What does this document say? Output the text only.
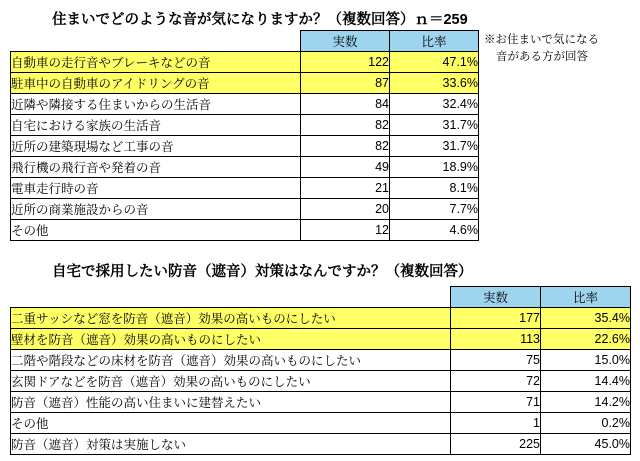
住まいでどのような音が気になりますか？（複数回答）ｎ＝259
※お住まいで気になる
音がある方が回答
	実数	比率
自動車の走行音やブレーキなどの音	122	47.1%
駐車中の自動車のアイドリングの音	87	33.6%
近隣や隣接する住まいからの生活音	84	32.4%
自宅における家族の生活音	82	31.7%
近所の建築現場など工事の音	82	31.7%
飛行機の飛行音や発着の音	49	18.9%
電車走行時の音	21	8.1%
近所の商業施設からの音	20	7.7%
その他	12	4.6%
自宅で採用したい防音（遮音）対策はなんですか？（複数回答）
	実数	比率
二重サッシなど窓を防音（遮音）効果の高いものにしたい	177	35.4%
壁材を防音（遮音）効果の高いものにしたい	113	22.6%
二階や階段などの床材を防音（遮音）効果の高いものにしたい	75	15.0%
玄関ドアなどを防音（遮音）効果の高いものにしたい	72	14.4%
防音（遮音）性能の高い住まいに建替えたい	71	14.2%
その他	1	0.2%
防音（遮音）対策は実施しない	225	45.0%
